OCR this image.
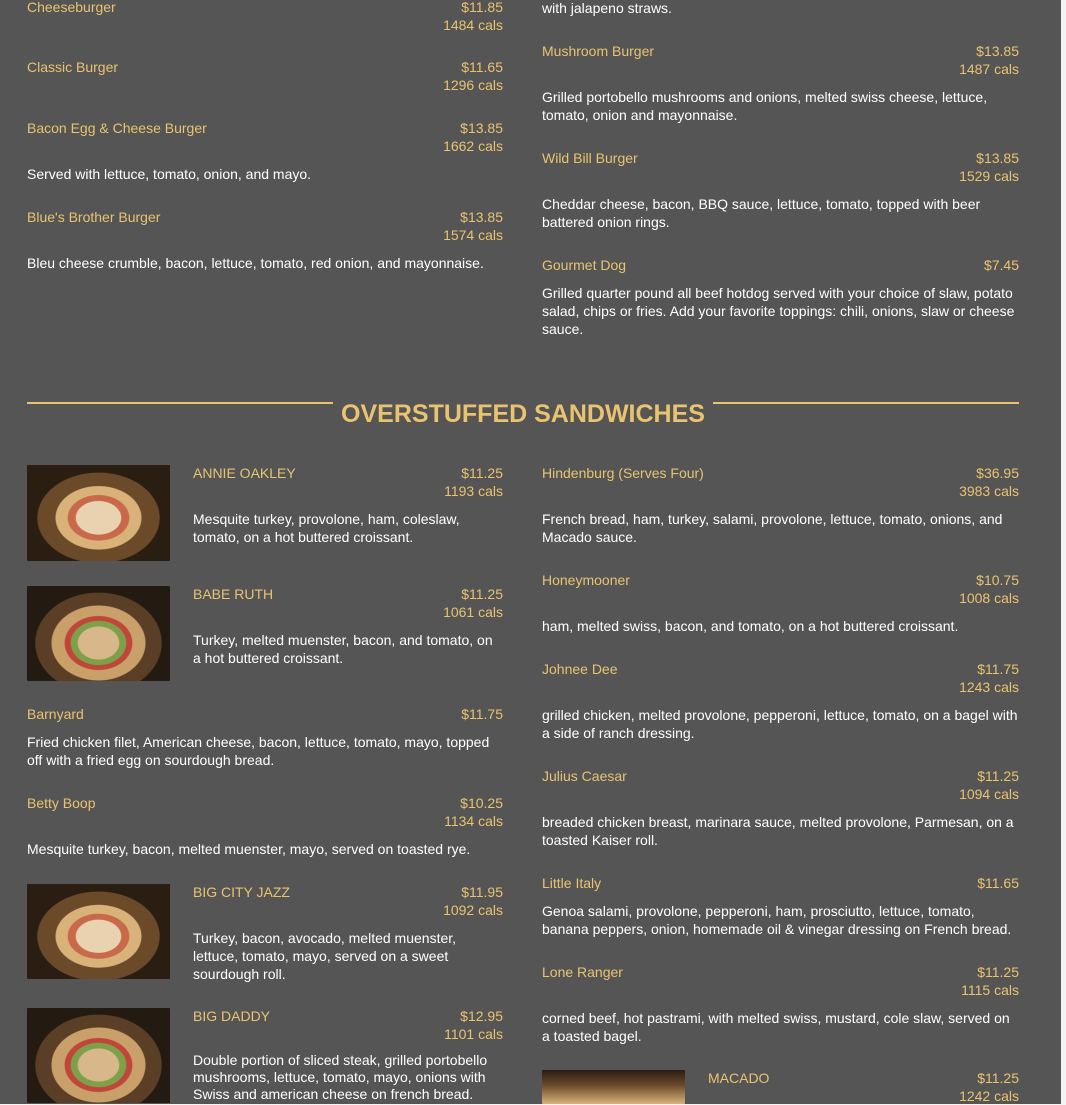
with jalapeno straws.
OVERSTUFFED SANDWICHES
Cheeseburger	$11.85
1484 cals
Classic Burger	$11.65
1296 cals
Bacon Egg & Cheese Burger	$13.85
1662 cals
Served with lettuce, tomato, onion, and mayo.
Blue's Brother Burger	$13.85
1574 cals
Bleu cheese crumble, bacon, lettuce, tomato, red onion, and mayonnaise.
Mushroom Burger	$13.85
1487 cals
Grilled portobello mushrooms and onions, melted swiss cheese, lettuce, tomato, onion and mayonnaise.
Wild Bill Burger	$13.85
1529 cals
Cheddar cheese, bacon, BBQ sauce, lettuce, tomato, topped with beer battered onion rings.
Gourmet Dog	$7.45
Grilled quarter pound all beef hotdog served with your choice of slaw, potato salad, chips or fries. Add your favorite toppings: chili, onions, slaw or cheese sauce.
ANNIE OAKLEY	$11.25
1193 cals
Mesquite turkey, provolone, ham, coleslaw, tomato, on a hot buttered croissant.
BABE RUTH	$11.25
1061 cals
Turkey, melted muenster, bacon, and tomato, on a hot buttered croissant.
Barnyard	$11.75
Fried chicken filet, American cheese, bacon, lettuce, tomato, mayo, topped off with a fried egg on sourdough bread.
Betty Boop	$10.25
1134 cals
Mesquite turkey, bacon, melted muenster, mayo, served on toasted rye.
BIG CITY JAZZ	$11.95
1092 cals
Turkey, bacon, avocado, melted muenster, lettuce, tomato, mayo, served on a sweet sourdough roll.
BIG DADDY	$12.95
1101 cals
Double portion of sliced steak, grilled portobello mushrooms, lettuce, tomato, mayo, onions with Swiss and american cheese on french bread.
Hindenburg (Serves Four)	$36.95
3983 cals
French bread, ham, turkey, salami, provolone, lettuce, tomato, onions, and Macado sauce.
Honeymooner	$10.75
1008 cals
ham, melted swiss, bacon, and tomato, on a hot buttered croissant.
Johnee Dee	$11.75
1243 cals
grilled chicken, melted provolone, pepperoni, lettuce, tomato, on a bagel with a side of ranch dressing.
Julius Caesar	$11.25
1094 cals
breaded chicken breast, marinara sauce, melted provolone, Parmesan, on a toasted Kaiser roll.
Little Italy	$11.65
Genoa salami, provolone, pepperoni, ham, prosciutto, lettuce, tomato, banana peppers, onion, homemade oil & vinegar dressing on French bread.
Lone Ranger	$11.25
1115 cals
corned beef, hot pastrami, with melted swiss, mustard, cole slaw, served on a toasted bagel.
MACADO	$11.25
1242 cals
